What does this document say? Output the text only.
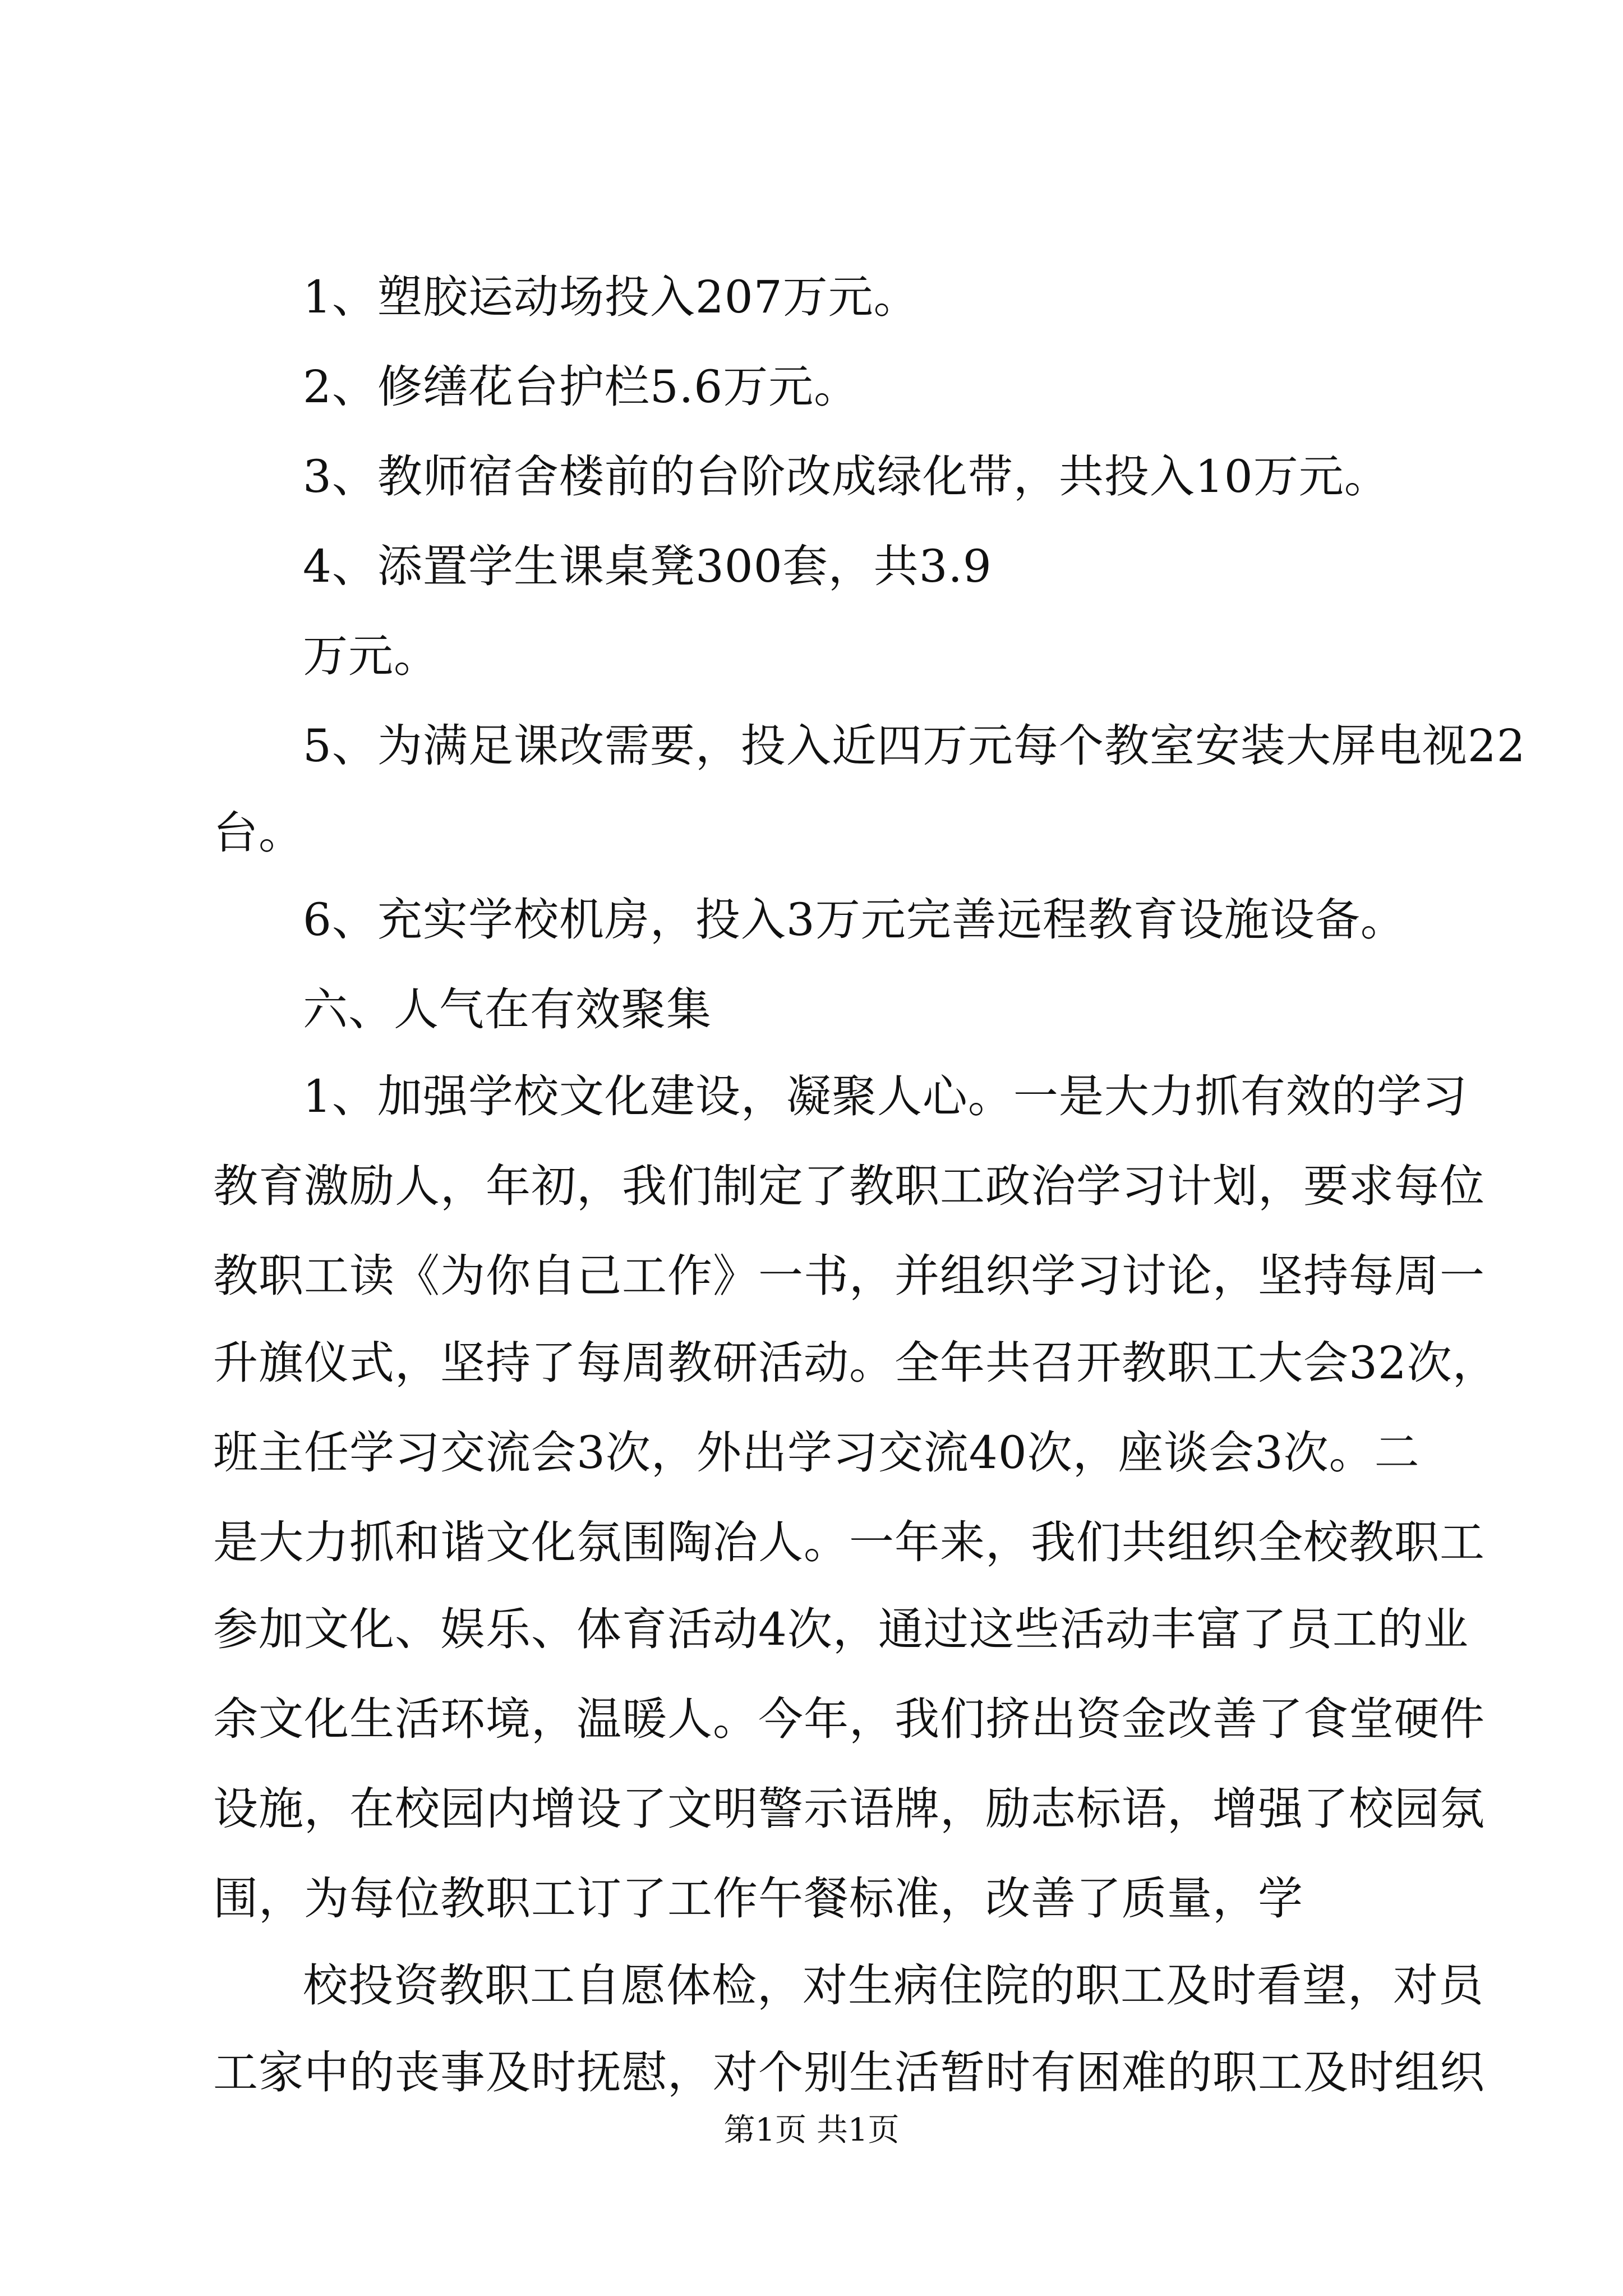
1、塑胶运动场投入207万元。
2、修缮花台护栏5.6万元。
3、教师宿舍楼前的台阶改成绿化带，共投入10万元。
4、添置学生课桌凳300套，共3.9
万元。
5、为满足课改需要，投入近四万元每个教室安装大屏电视22
台。
6、充实学校机房，投入3万元完善远程教育设施设备。
六、人气在有效聚集
1、加强学校文化建设，凝聚人心。一是大力抓有效的学习
教育激励人，年初，我们制定了教职工政治学习计划，要求每位
教职工读《为你自己工作》一书，并组织学习讨论，坚持每周一
升旗仪式，坚持了每周教研活动。全年共召开教职工大会32次，
班主任学习交流会3次，外出学习交流40次，座谈会3次。二
是大力抓和谐文化氛围陶冶人。一年来，我们共组织全校教职工
参加文化、娱乐、体育活动4次，通过这些活动丰富了员工的业
余文化生活环境，温暖人。今年，我们挤出资金改善了食堂硬件
设施，在校园内增设了文明警示语牌，励志标语，增强了校园氛
围，为每位教职工订了工作午餐标准，改善了质量，学
校投资教职工自愿体检，对生病住院的职工及时看望，对员
工家中的丧事及时抚慰，对个别生活暂时有困难的职工及时组织
第1页 共1页
